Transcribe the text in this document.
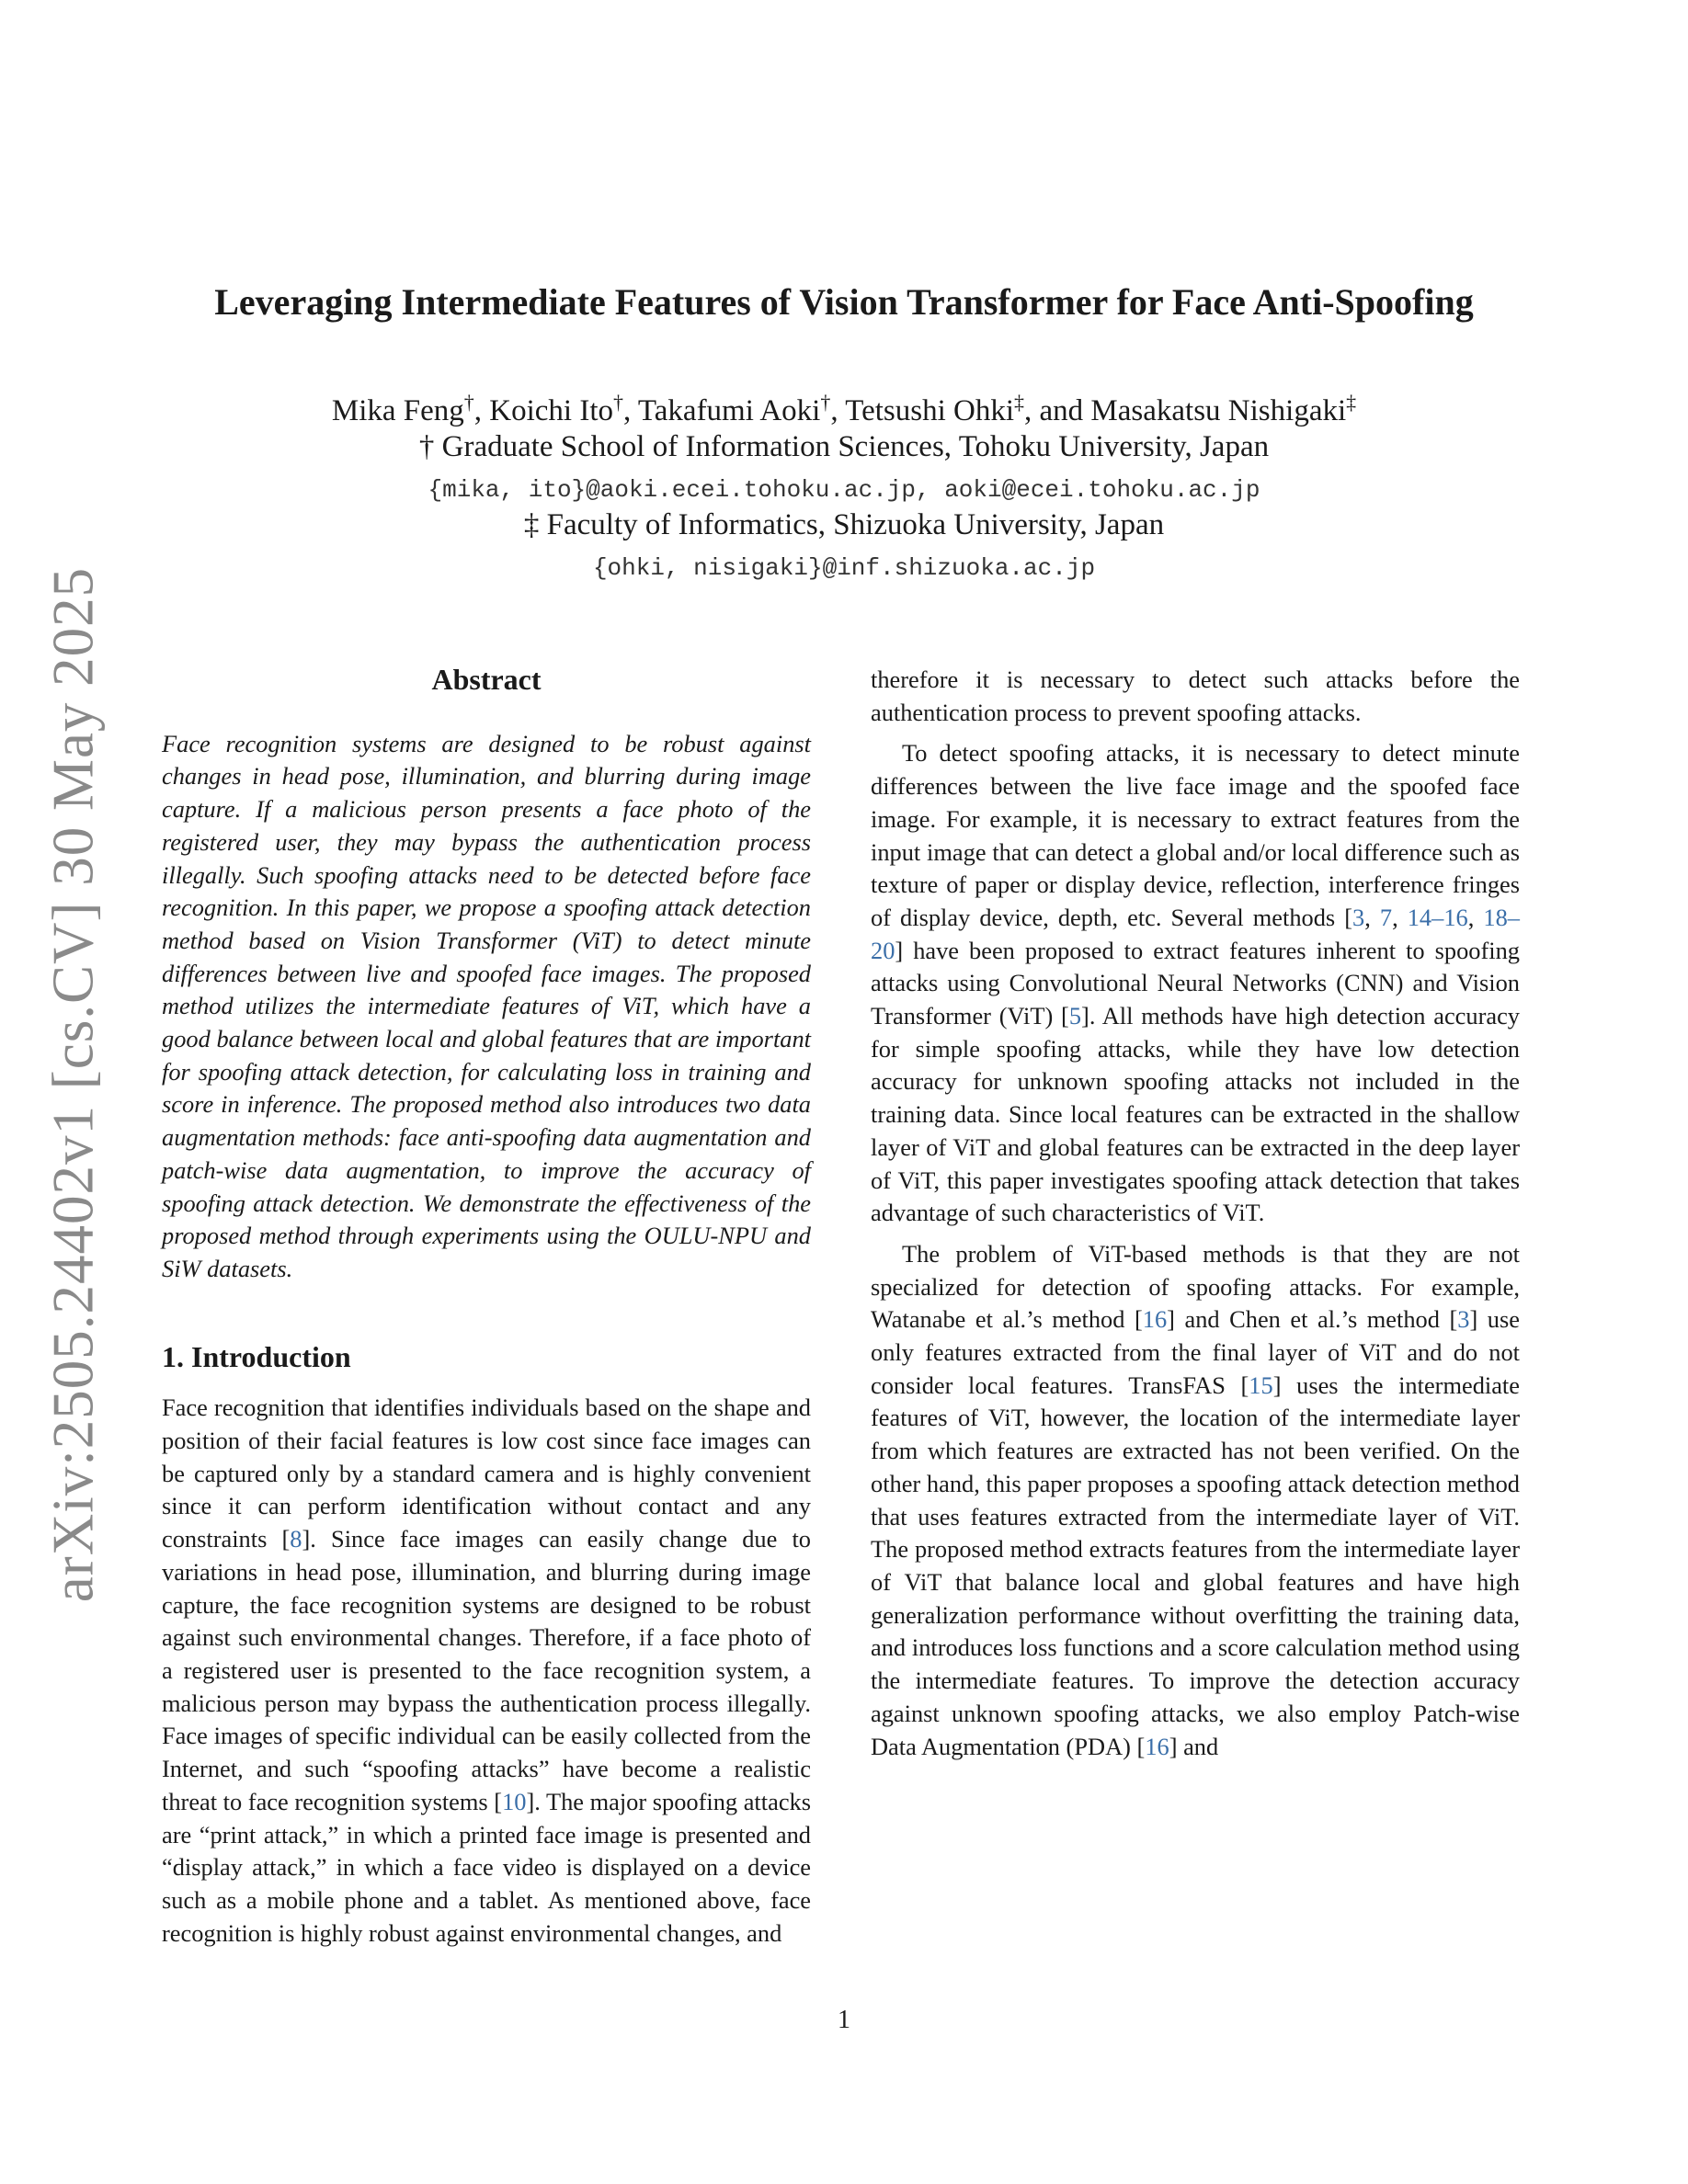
arXiv:2505.24402v1 [cs.CV] 30 May 2025
Leveraging Intermediate Features of Vision Transformer for Face Anti-Spoofing
Mika Feng†, Koichi Ito†, Takafumi Aoki†, Tetsushi Ohki‡, and Masakatsu Nishigaki‡
† Graduate School of Information Sciences, Tohoku University, Japan
{mika, ito}@aoki.ecei.tohoku.ac.jp, aoki@ecei.tohoku.ac.jp
‡ Faculty of Informatics, Shizuoka University, Japan
{ohki, nisigaki}@inf.shizuoka.ac.jp
Abstract

Face recognition systems are designed to be robust against changes in head pose, illumination, and blurring during image capture. If a malicious person presents a face photo of the registered user, they may bypass the authentication process illegally. Such spoofing attacks need to be detected before face recognition. In this paper, we propose a spoofing attack detection method based on Vision Transformer (ViT) to detect minute differences between live and spoofed face images. The proposed method utilizes the intermediate features of ViT, which have a good balance between local and global features that are important for spoofing attack detection, for calculating loss in training and score in inference. The proposed method also introduces two data augmentation methods: face anti-spoofing data augmentation and patch-wise data augmentation, to improve the accuracy of spoofing attack detection. We demonstrate the effectiveness of the proposed method through experiments using the OULU-NPU and SiW datasets.

1. Introduction

Face recognition that identifies individuals based on the shape and position of their facial features is low cost since face images can be captured only by a standard camera and is highly convenient since it can perform identification without contact and any constraints [8]. Since face images can easily change due to variations in head pose, illumination, and blurring during image capture, the face recognition systems are designed to be robust against such environmental changes. Therefore, if a face photo of a registered user is presented to the face recognition system, a malicious person may bypass the authentication process illegally. Face images of specific individual can be easily collected from the Internet, and such “spoofing attacks” have become a realistic threat to face recognition systems [10]. The major spoofing attacks are “print attack,” in which a printed face image is presented and “display attack,” in which a face video is displayed on a device such as a mobile phone and a tablet. As mentioned above, face recognition is highly robust against environmental changes, and

therefore it is necessary to detect such attacks before the authentication process to prevent spoofing attacks.

To detect spoofing attacks, it is necessary to detect minute differences between the live face image and the spoofed face image. For example, it is necessary to extract features from the input image that can detect a global and/or local difference such as texture of paper or display device, reflection, interference fringes of display device, depth, etc. Several methods [3, 7, 14–16, 18–20] have been proposed to extract features inherent to spoofing attacks using Convolutional Neural Networks (CNN) and Vision Transformer (ViT) [5]. All methods have high detection accuracy for simple spoofing attacks, while they have low detection accuracy for unknown spoofing attacks not included in the training data. Since local features can be extracted in the shallow layer of ViT and global features can be extracted in the deep layer of ViT, this paper investigates spoofing attack detection that takes advantage of such characteristics of ViT.

The problem of ViT-based methods is that they are not specialized for detection of spoofing attacks. For example, Watanabe et al.’s method [16] and Chen et al.’s method [3] use only features extracted from the final layer of ViT and do not consider local features. TransFAS [15] uses the intermediate features of ViT, however, the location of the intermediate layer from which features are extracted has not been verified. On the other hand, this paper proposes a spoofing attack detection method that uses features extracted from the intermediate layer of ViT. The proposed method extracts features from the intermediate layer of ViT that balance local and global features and have high generalization performance without overfitting the training data, and introduces loss functions and a score calculation method using the intermediate features. To improve the detection accuracy against unknown spoofing attacks, we also employ Patch-wise Data Augmentation (PDA) [16] and

1
